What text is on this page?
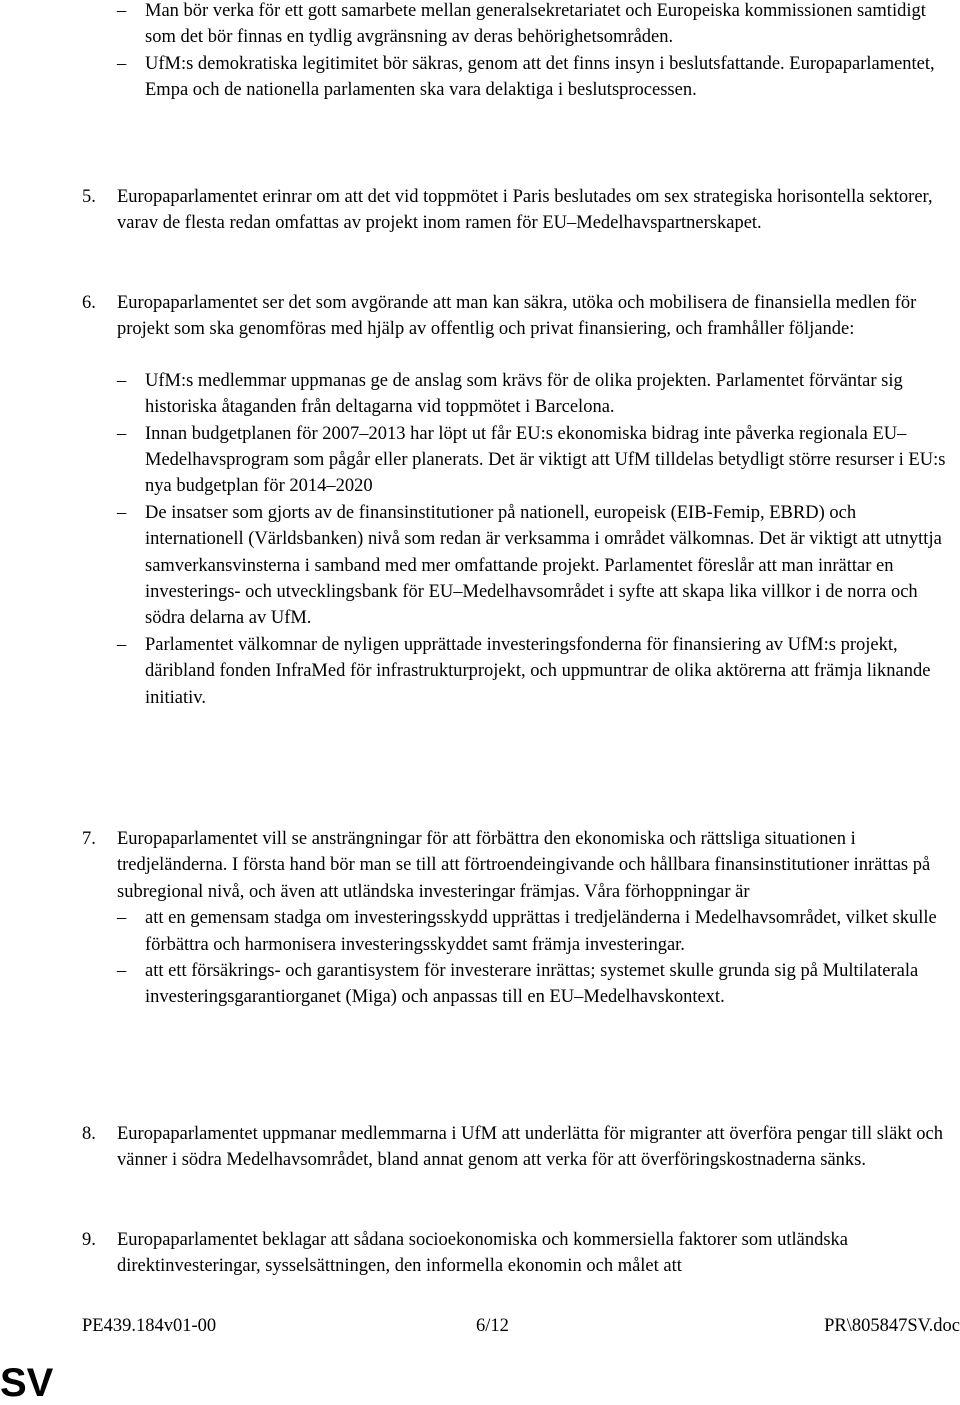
– Man bör verka för ett gott samarbete mellan generalsekretariatet och Europeiska kommissionen samtidigt som det bör finnas en tydlig avgränsning av deras behörighetsområden.
– UfM:s demokratiska legitimitet bör säkras, genom att det finns insyn i beslutsfattande. Europaparlamentet, Empa och de nationella parlamenten ska vara delaktiga i beslutsprocessen.
5. Europaparlamentet erinrar om att det vid toppmötet i Paris beslutades om sex strategiska horisontella sektorer, varav de flesta redan omfattas av projekt inom ramen för EU–Medelhavspartnerskapet.
6. Europaparlamentet ser det som avgörande att man kan säkra, utöka och mobilisera de finansiella medlen för projekt som ska genomföras med hjälp av offentlig och privat finansiering, och framhåller följande:
– UfM:s medlemmar uppmanas ge de anslag som krävs för de olika projekten. Parlamentet förväntar sig historiska åtaganden från deltagarna vid toppmötet i Barcelona.
– Innan budgetplanen för 2007–2013 har löpt ut får EU:s ekonomiska bidrag inte påverka regionala EU–Medelhavsprogram som pågår eller planerats. Det är viktigt att UfM tilldelas betydligt större resurser i EU:s nya budgetplan för 2014–2020
– De insatser som gjorts av de finansinstitutioner på nationell, europeisk (EIB-Femip, EBRD) och internationell (Världsbanken) nivå som redan är verksamma i området välkomnas. Det är viktigt att utnyttja samverkansvinsterna i samband med mer omfattande projekt. Parlamentet föreslår att man inrättar en investerings- och utvecklingsbank för EU–Medelhavsområdet i syfte att skapa lika villkor i de norra och södra delarna av UfM.
– Parlamentet välkomnar de nyligen upprättade investeringsfonderna för finansiering av UfM:s projekt, däribland fonden InfraMed för infrastrukturprojekt, och uppmuntrar de olika aktörerna att främja liknande initiativ.
7. Europaparlamentet vill se ansträngningar för att förbättra den ekonomiska och rättsliga situationen i tredjeländerna. I första hand bör man se till att förtroendeingivande och hållbara finansinstitutioner inrättas på subregional nivå, och även att utländska investeringar främjas. Våra förhoppningar är
– att en gemensam stadga om investeringsskydd upprättas i tredjeländerna i Medelhavsområdet, vilket skulle förbättra och harmonisera investeringsskyddet samt främja investeringar.
– att ett försäkrings- och garantisystem för investerare inrättas; systemet skulle grunda sig på Multilaterala investeringsgarantiorganet (Miga) och anpassas till en EU–Medelhavskontext.
8. Europaparlamentet uppmanar medlemmarna i UfM att underlätta för migranter att överföra pengar till släkt och vänner i södra Medelhavsområdet, bland annat genom att verka för att överföringskostnaderna sänks.
9. Europaparlamentet beklagar att sådana socioekonomiska och kommersiella faktorer som utländska direktinvesteringar, sysselsättningen, den informella ekonomin och målet att
PE439.184v01-00	6/12	PR\805847SV.doc
SV
